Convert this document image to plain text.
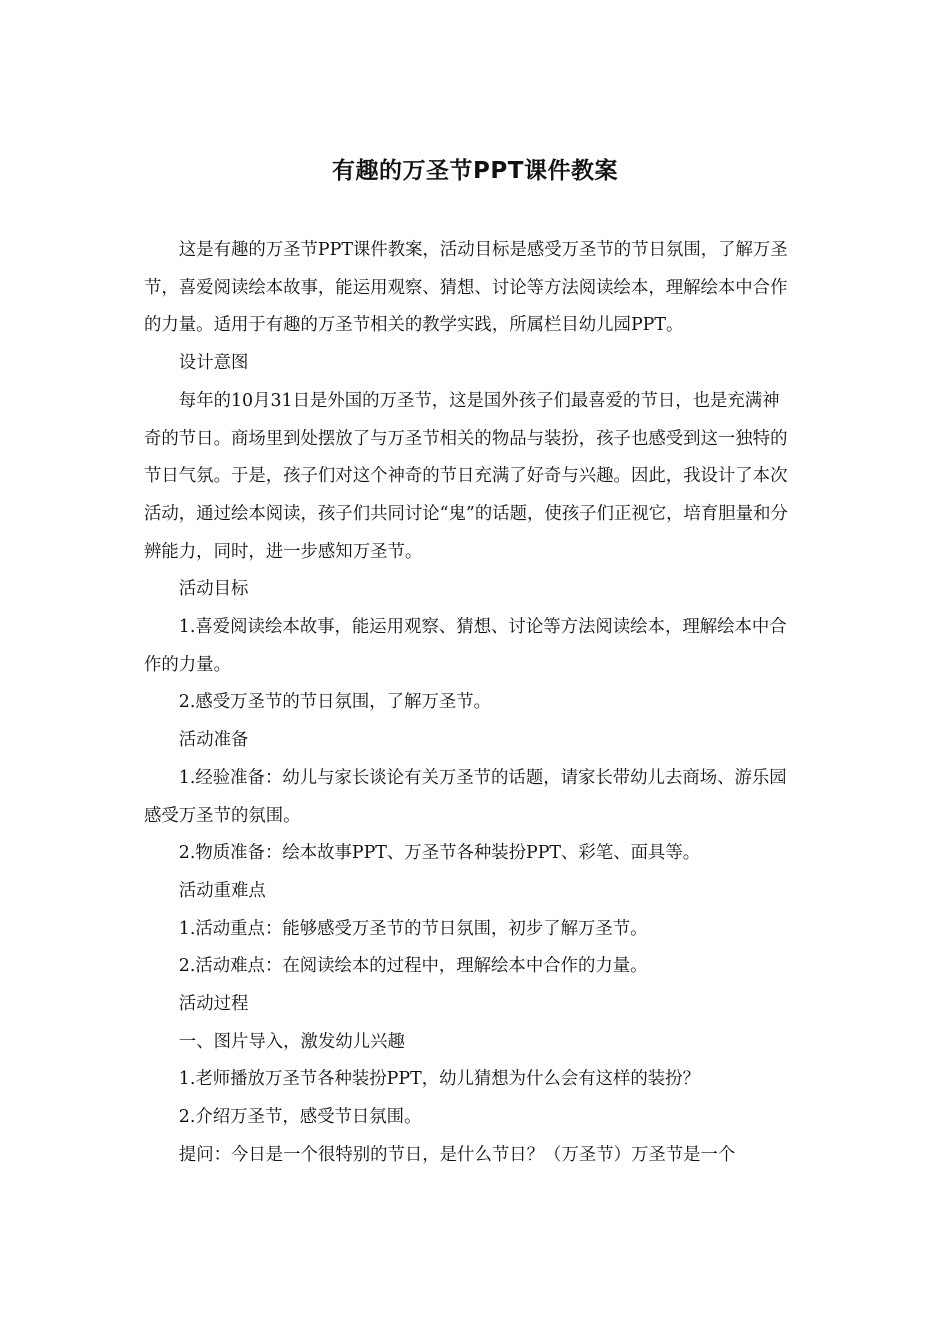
有趣的万圣节PPT课件教案

这是有趣的万圣节PPT课件教案，活动目标是感受万圣节的节日氛围，了解万圣节，喜爱阅读绘本故事，能运用观察、猜想、讨论等方法阅读绘本，理解绘本中合作的力量。适用于有趣的万圣节相关的教学实践，所属栏目幼儿园PPT。

设计意图

每年的10月31日是外国的万圣节，这是国外孩子们最喜爱的节日，也是充满神奇的节日。商场里到处摆放了与万圣节相关的物品与装扮，孩子也感受到这一独特的节日气氛。于是，孩子们对这个神奇的节日充满了好奇与兴趣。因此，我设计了本次活动，通过绘本阅读，孩子们共同讨论“鬼”的话题，使孩子们正视它，培育胆量和分辨能力，同时，进一步感知万圣节。

活动目标

1.喜爱阅读绘本故事，能运用观察、猜想、讨论等方法阅读绘本，理解绘本中合作的力量。

2.感受万圣节的节日氛围，了解万圣节。

活动准备

1.经验准备：幼儿与家长谈论有关万圣节的话题，请家长带幼儿去商场、游乐园感受万圣节的氛围。

2.物质准备：绘本故事PPT、万圣节各种装扮PPT、彩笔、面具等。

活动重难点

1.活动重点：能够感受万圣节的节日氛围，初步了解万圣节。

2.活动难点：在阅读绘本的过程中，理解绘本中合作的力量。

活动过程

一、图片导入，激发幼儿兴趣

1.老师播放万圣节各种装扮PPT，幼儿猜想为什么会有这样的装扮？

2.介绍万圣节，感受节日氛围。

提问：今日是一个很特别的节日，是什么节日？（万圣节）万圣节是一个
